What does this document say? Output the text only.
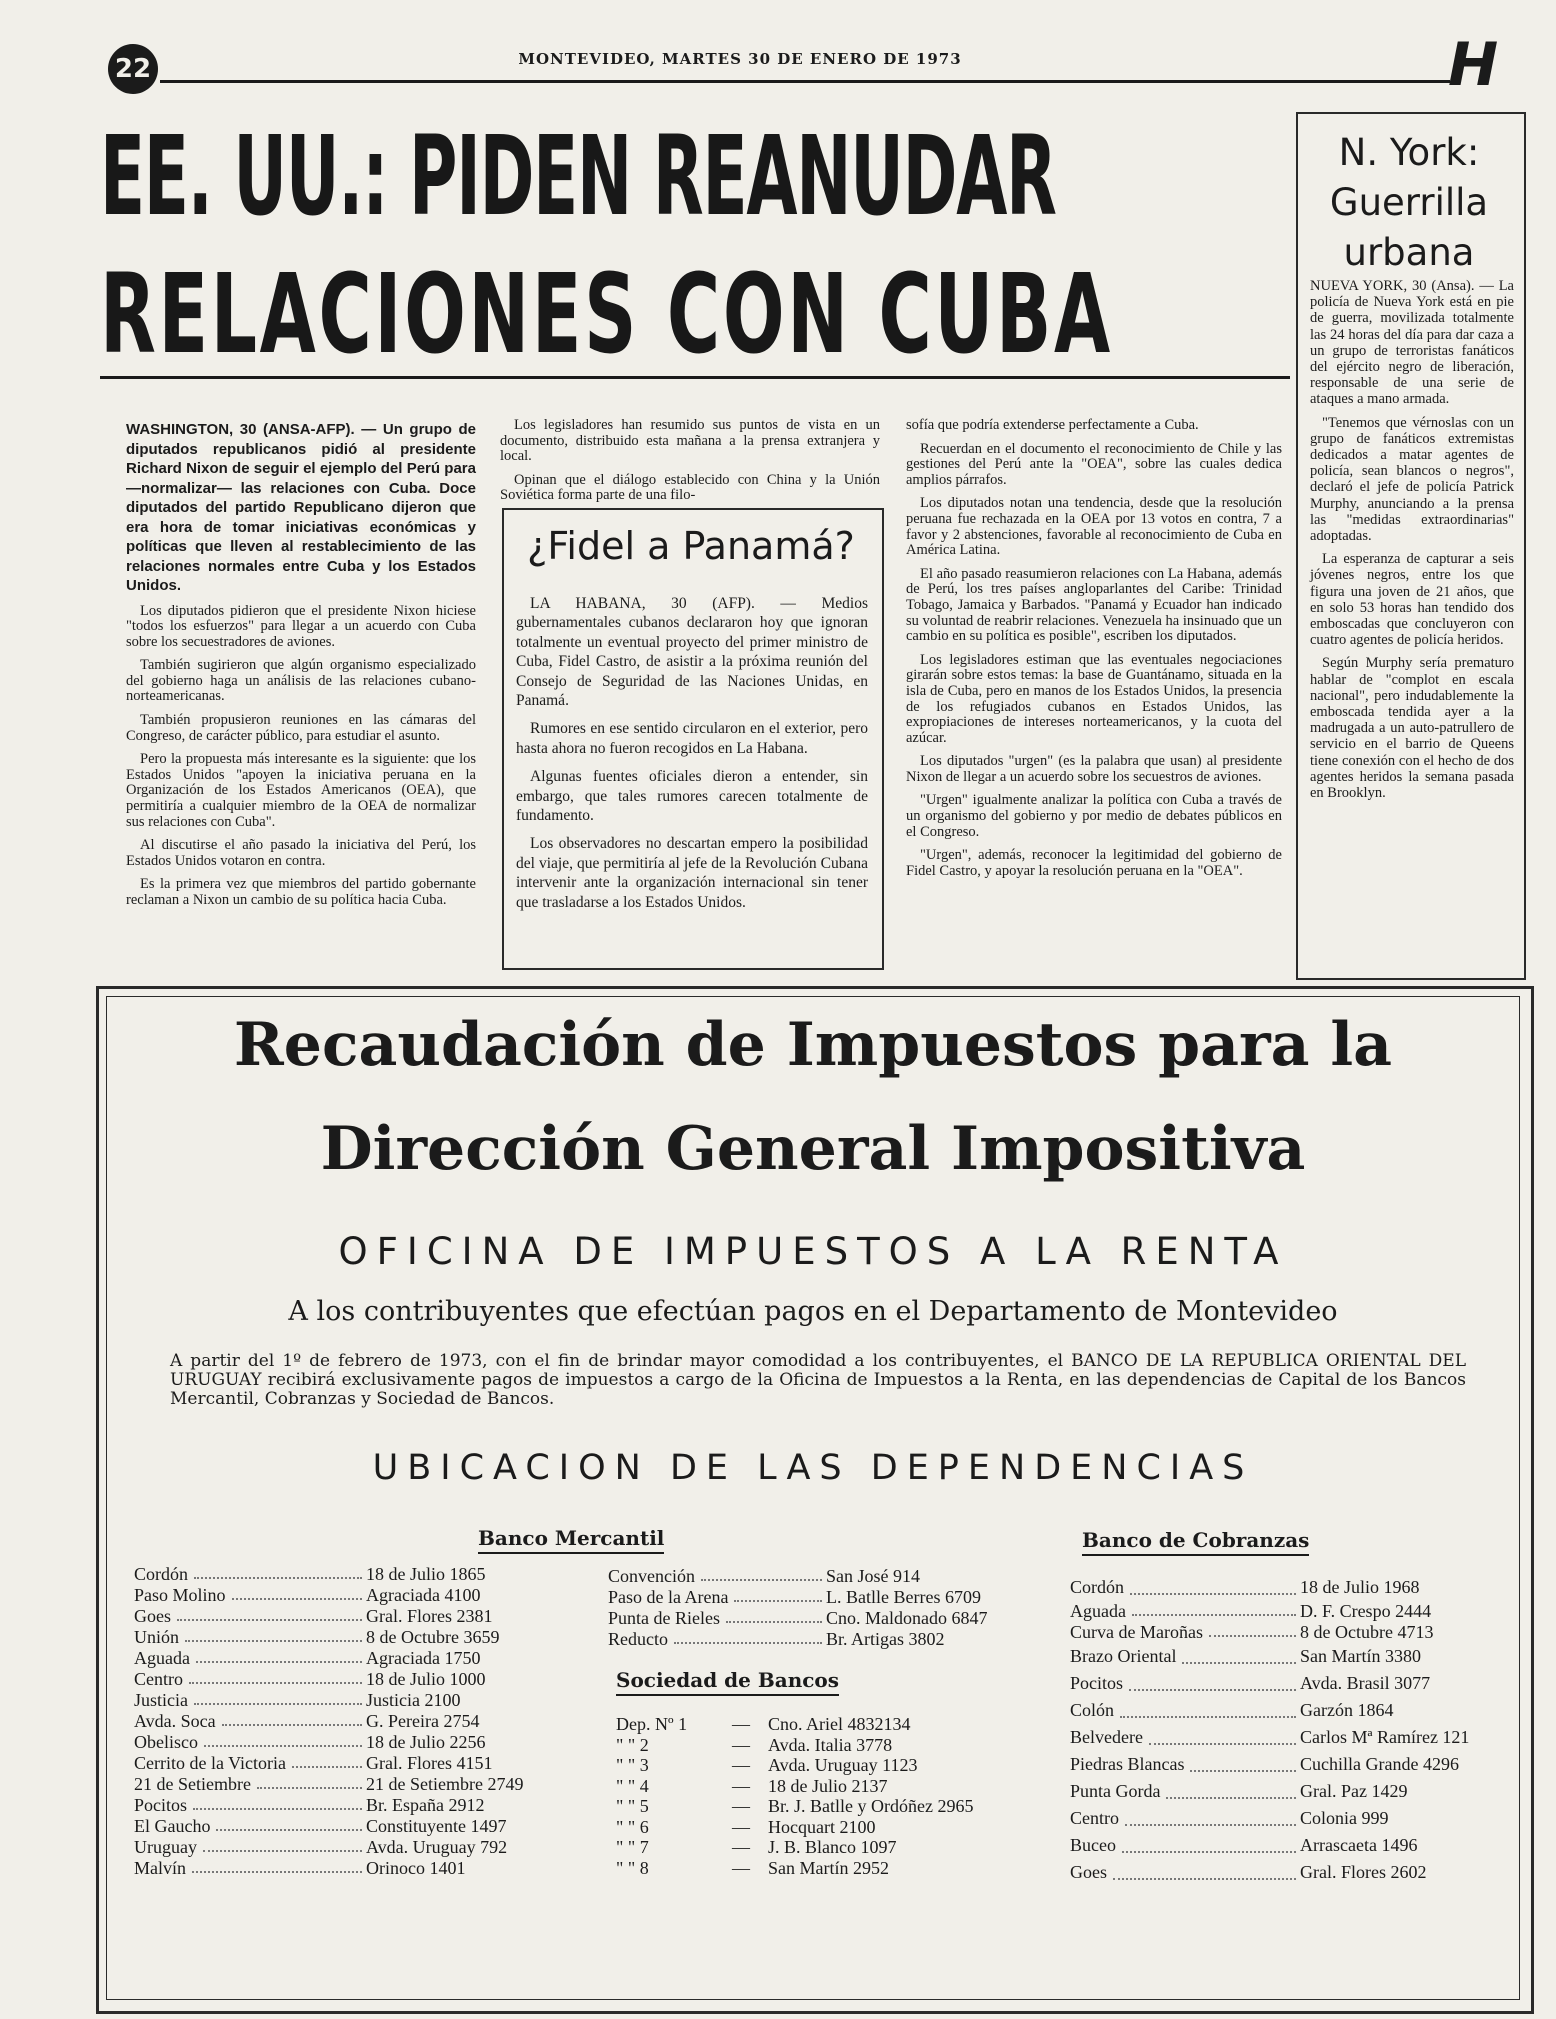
22	MONTEVIDEO, MARTES 30 DE ENERO DE 1973	H
EE. UU.: PIDEN REANUDAR
RELACIONES CON CUBA
WASHINGTON, 30 (ANSA-AFP). — Un grupo de diputados republicanos pidió al presidente Richard Nixon de seguir el ejemplo del Perú para —normalizar— las relaciones con Cuba. Doce diputados del partido Republicano dijeron que era hora de tomar iniciativas económicas y políticas que lleven al restablecimiento de las relaciones normales entre Cuba y los Estados Unidos.

Los diputados pidieron que el presidente Nixon hiciese "todos los esfuerzos" para llegar a un acuerdo con Cuba sobre los secuestradores de aviones.

También sugirieron que algún organismo especializado del gobierno haga un análisis de las relaciones cubano-norteamericanas.

También propusieron reuniones en las cámaras del Congreso, de carácter público, para estudiar el asunto.

Pero la propuesta más interesante es la siguiente: que los Estados Unidos "apoyen la iniciativa peruana en la Organización de los Estados Americanos (OEA), que permitiría a cualquier miembro de la OEA de normalizar sus relaciones con Cuba".

Al discutirse el año pasado la iniciativa del Perú, los Estados Unidos votaron en contra.

Es la primera vez que miembros del partido gobernante reclaman a Nixon un cambio de su política hacia Cuba.

Los legisladores han resumido sus puntos de vista en un documento, distribuido esta mañana a la prensa extranjera y local.

Opinan que el diálogo establecido con China y la Unión Soviética forma parte de una filo-

¿Fidel a Panamá?

LA HABANA, 30 (AFP). — Medios gubernamentales cubanos declararon hoy que ignoran totalmente un eventual proyecto del primer ministro de Cuba, Fidel Castro, de asistir a la próxima reunión del Consejo de Seguridad de las Naciones Unidas, en Panamá.

Rumores en ese sentido circularon en el exterior, pero hasta ahora no fueron recogidos en La Habana.

Algunas fuentes oficiales dieron a entender, sin embargo, que tales rumores carecen totalmente de fundamento.

Los observadores no descartan empero la posibilidad del viaje, que permitiría al jefe de la Revolución Cubana intervenir ante la organización internacional sin tener que trasladarse a los Estados Unidos.

sofía que podría extenderse perfectamente a Cuba.

Recuerdan en el documento el reconocimiento de Chile y las gestiones del Perú ante la "OEA", sobre las cuales dedica amplios párrafos.

Los diputados notan una tendencia, desde que la resolución peruana fue rechazada en la OEA por 13 votos en contra, 7 a favor y 2 abstenciones, favorable al reconocimiento de Cuba en América Latina.

El año pasado reasumieron relaciones con La Habana, además de Perú, los tres países angloparlantes del Caribe: Trinidad Tobago, Jamaica y Barbados. "Panamá y Ecuador han indicado su voluntad de reabrir relaciones. Venezuela ha insinuado que un cambio en su política es posible", escriben los diputados.

Los legisladores estiman que las eventuales negociaciones girarán sobre estos temas: la base de Guantánamo, situada en la isla de Cuba, pero en manos de los Estados Unidos, la presencia de los refugiados cubanos en Estados Unidos, las expropiaciones de intereses norteamericanos, y la cuota del azúcar.

Los diputados "urgen" (es la palabra que usan) al presidente Nixon de llegar a un acuerdo sobre los secuestros de aviones.

"Urgen" igualmente analizar la política con Cuba a través de un organismo del gobierno y por medio de debates públicos en el Congreso.

"Urgen", además, reconocer la legitimidad del gobierno de Fidel Castro, y apoyar la resolución peruana en la "OEA".

N. York:
Guerrilla
urbana

NUEVA YORK, 30 (Ansa). — La policía de Nueva York está en pie de guerra, movilizada totalmente las 24 horas del día para dar caza a un grupo de terroristas fanáticos del ejército negro de liberación, responsable de una serie de ataques a mano armada.

"Tenemos que vérnoslas con un grupo de fanáticos extremistas dedicados a matar agentes de policía, sean blancos o negros", declaró el jefe de policía Patrick Murphy, anunciando a la prensa las "medidas extraordinarias" adoptadas.

La esperanza de capturar a seis jóvenes negros, entre los que figura una joven de 21 años, que en solo 53 horas han tendido dos emboscadas que concluyeron con cuatro agentes de policía heridos.

Según Murphy sería prematuro hablar de "complot en escala nacional", pero indudablemente la emboscada tendida ayer a la madrugada a un auto-patrullero de servicio en el barrio de Queens tiene conexión con el hecho de dos agentes heridos la semana pasada en Brooklyn.

Recaudación de Impuestos para la
Dirección General Impositiva
OFICINA DE IMPUESTOS A LA RENTA
A los contribuyentes que efectúan pagos en el Departamento de Montevideo
A partir del 1º de febrero de 1973, con el fin de brindar mayor comodidad a los contribuyentes, el BANCO DE LA REPUBLICA ORIENTAL DEL URUGUAY recibirá exclusivamente pagos de impuestos a cargo de la Oficina de Impuestos a la Renta, en las dependencias de Capital de los Bancos Mercantil, Cobranzas y Sociedad de Bancos.
UBICACION DE LAS DEPENDENCIAS
Banco Mercantil
Sociedad de Bancos
Banco de Cobranzas
Cordón	18 de Julio 1865
Paso Molino	Agraciada 4100
Goes	Gral. Flores 2381
Unión	8 de Octubre 3659
Aguada	Agraciada 1750
Centro	18 de Julio 1000
Justicia	Justicia 2100
Avda. Soca	G. Pereira 2754
Obelisco	18 de Julio 2256
Cerrito de la Victoria	Gral. Flores 4151
21 de Setiembre	21 de Setiembre 2749
Pocitos	Br. España 2912
El Gaucho	Constituyente 1497
Uruguay	Avda. Uruguay 792
Malvín	Orinoco 1401
Convención	San José 914
Paso de la Arena	L. Batlle Berres 6709
Punta de Rieles	Cno. Maldonado 6847
Reducto	Br. Artigas 3802
Dep. Nº 1	—	Cno. Ariel 4832134
" " 2	—	Avda. Italia 3778
" " 3	—	Avda. Uruguay 1123
" " 4	—	18 de Julio 2137
" " 5	—	Br. J. Batlle y Ordóñez 2965
" " 6	—	Hocquart 2100
" " 7	—	J. B. Blanco 1097
" " 8	—	San Martín 2952
Cordón	18 de Julio 1968
Aguada	D. F. Crespo 2444
Curva de Maroñas	8 de Octubre 4713
Brazo Oriental	San Martín 3380
Pocitos	Avda. Brasil 3077
Colón	Garzón 1864
Belvedere	Carlos Mª Ramírez 121
Piedras Blancas	Cuchilla Grande 4296
Punta Gorda	Gral. Paz 1429
Centro	Colonia 999
Buceo	Arrascaeta 1496
Goes	Gral. Flores 2602
